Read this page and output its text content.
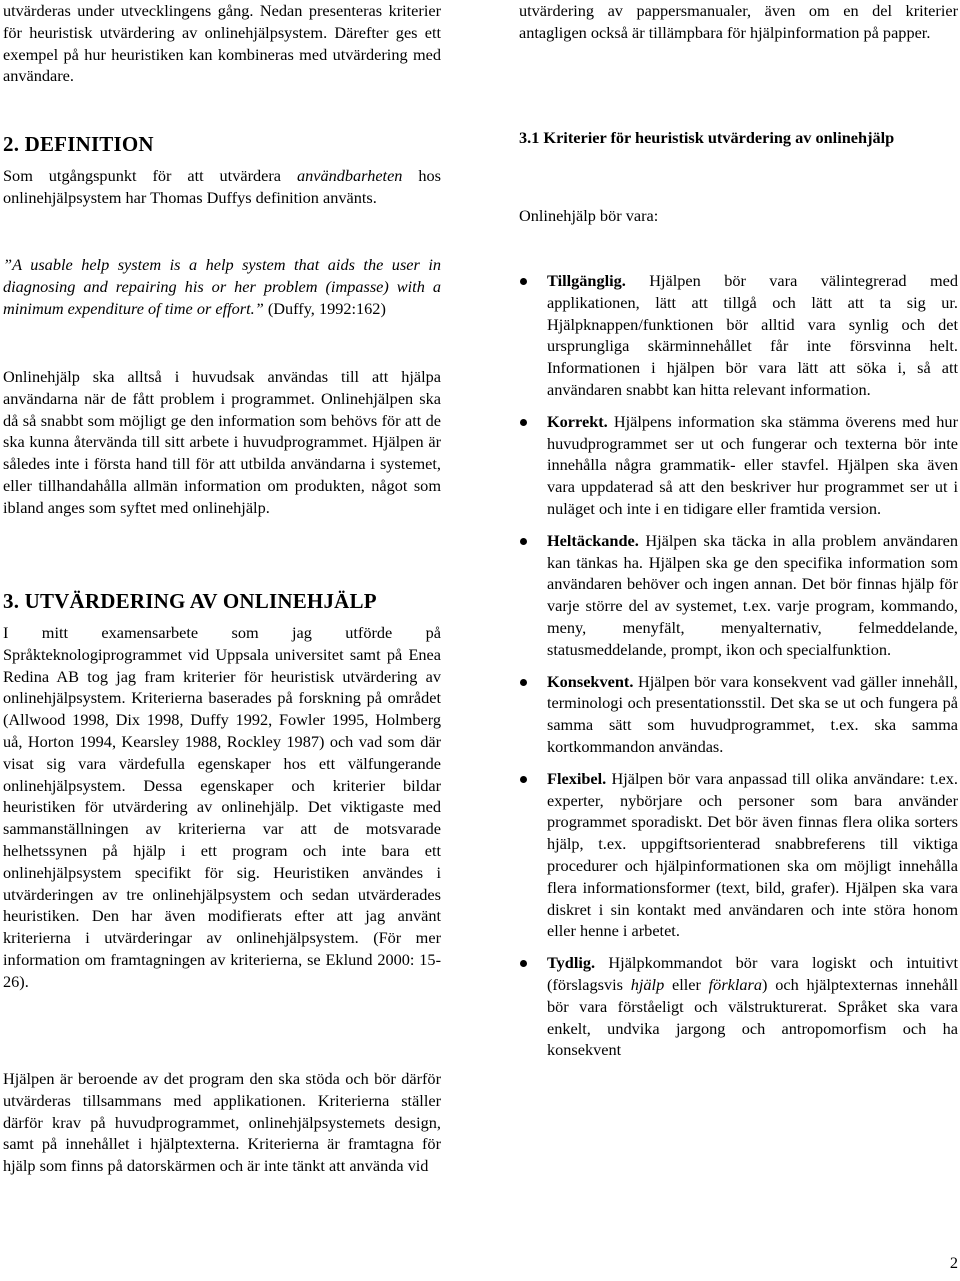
utvärderas under utvecklingens gång. Nedan presenteras kriterier för heuristisk utvärdering av onlinehjälpsystem. Därefter ges ett exempel på hur heuristiken kan kombineras med utvärdering med användare.

2. DEFINITION

Som utgångspunkt för att utvärdera användbarheten hos onlinehjälpsystem har Thomas Duffys definition använts.

”A usable help system is a help system that aids the user in diagnosing and repairing his or her problem (impasse) with a minimum expenditure of time or effort.” (Duffy, 1992:162)

Onlinehjälp ska alltså i huvudsak användas till att hjälpa användarna när de fått problem i programmet. Onlinehjälpen ska då så snabbt som möjligt ge den information som behövs för att de ska kunna återvända till sitt arbete i huvudprogrammet. Hjälpen är således inte i första hand till för att utbilda användarna i systemet, eller tillhandahålla allmän information om produkten, något som ibland anges som syftet med onlinehjälp.

3. UTVÄRDERING AV ONLINEHJÄLP

I mitt examensarbete som jag utförde på Språkteknologiprogrammet vid Uppsala universitet samt på Enea Redina AB tog jag fram kriterier för heuristisk utvärdering av onlinehjälpsystem. Kriterierna baserades på forskning på området (Allwood 1998, Dix 1998, Duffy 1992, Fowler 1995, Holmberg uå, Horton 1994, Kearsley 1988, Rockley 1987) och vad som där visat sig vara värdefulla egenskaper hos ett välfungerande onlinehjälpsystem. Dessa egenskaper och kriterier bildar heuristiken för utvärdering av onlinehjälp. Det viktigaste med sammanställningen av kriterierna var att de motsvarade helhetssynen på hjälp i ett program och inte bara ett onlinehjälpsystem specifikt för sig. Heuristiken användes i utvärderingen av tre onlinehjälpsystem och sedan utvärderades heuristiken. Den har även modifierats efter att jag använt kriterierna i utvärderingar av onlinehjälpsystem. (För mer information om framtagningen av kriterierna, se Eklund 2000: 15-26).

Hjälpen är beroende av det program den ska stöda och bör därför utvärderas tillsammans med applikationen. Kriterierna ställer därför krav på huvudprogrammet, onlinehjälpsystemets design, samt på innehållet i hjälptexterna. Kriterierna är framtagna för hjälp som finns på datorskärmen och är inte tänkt att använda vid

utvärdering av pappersmanualer, även om en del kriterier antagligen också är tillämpbara för hjälpinformation på papper.

3.1 Kriterier för heuristisk utvärdering av onlinehjälp

Onlinehjälp bör vara:

Tillgänglig. Hjälpen bör vara välintegrerad med applikationen, lätt att tillgå och lätt att ta sig ur. Hjälpknappen/funktionen bör alltid vara synlig och det ursprungliga skärminnehållet får inte försvinna helt. Informationen i hjälpen bör vara lätt att söka i, så att användaren snabbt kan hitta relevant information.

Korrekt. Hjälpens information ska stämma överens med hur huvudprogrammet ser ut och fungerar och texterna bör inte innehålla några grammatik- eller stavfel. Hjälpen ska även vara uppdaterad så att den beskriver hur programmet ser ut i nuläget och inte i en tidigare eller framtida version.

Heltäckande. Hjälpen ska täcka in alla problem användaren kan tänkas ha. Hjälpen ska ge den specifika information som användaren behöver och ingen annan. Det bör finnas hjälp för varje större del av systemet, t.ex. varje program, kommando, meny, menyfält, menyalternativ, felmeddelande, statusmeddelande, prompt, ikon och specialfunktion.

Konsekvent. Hjälpen bör vara konsekvent vad gäller innehåll, terminologi och presentationsstil. Det ska se ut och fungera på samma sätt som huvudprogrammet, t.ex. ska samma kortkommandon användas.

Flexibel. Hjälpen bör vara anpassad till olika användare: t.ex. experter, nybörjare och personer som bara använder programmet sporadiskt. Det bör även finnas flera olika sorters hjälp, t.ex. uppgiftsorienterad snabbreferens till viktiga procedurer och hjälpinformationen ska om möjligt innehålla flera informationsformer (text, bild, grafer). Hjälpen ska vara diskret i sin kontakt med användaren och inte störa honom eller henne i arbetet.

Tydlig. Hjälpkommandot bör vara logiskt och intuitivt (förslagsvis hjälp eller förklara) och hjälptexternas innehåll bör vara förståeligt och välstrukturerat. Språket ska vara enkelt, undvika jargong och antropomorfism och ha konsekvent

2
